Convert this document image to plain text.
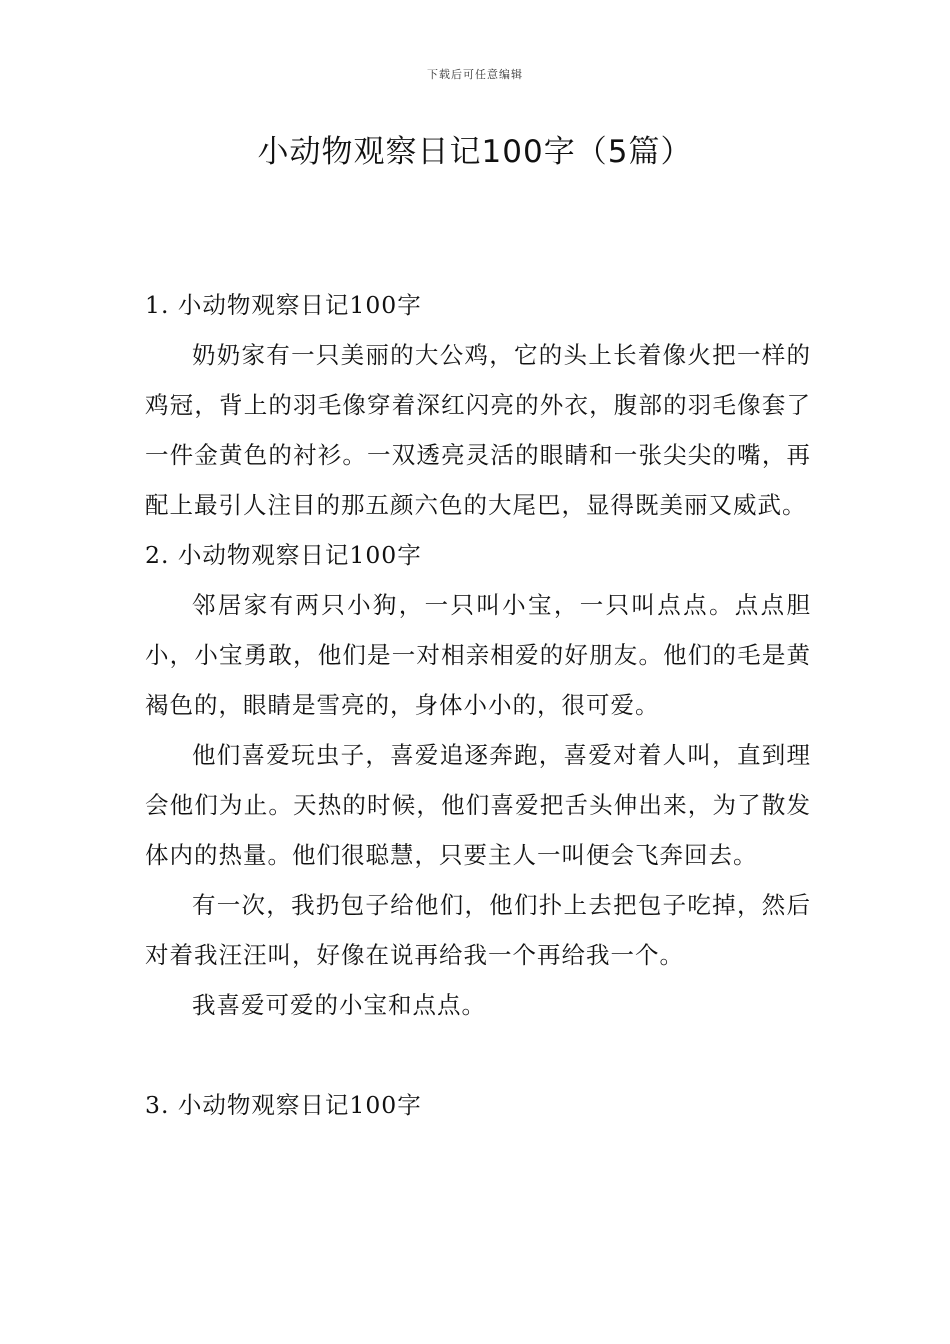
下载后可任意编辑
小动物观察日记100字（5篇）

1. 小动物观察日记100字

奶奶家有一只美丽的大公鸡，它的头上长着像火把一样的鸡冠，背上的羽毛像穿着深红闪亮的外衣，腹部的羽毛像套了一件金黄色的衬衫。一双透亮灵活的眼睛和一张尖尖的嘴，再配上最引人注目的那五颜六色的大尾巴，显得既美丽又威武。

2. 小动物观察日记100字

邻居家有两只小狗，一只叫小宝，一只叫点点。点点胆小，小宝勇敢，他们是一对相亲相爱的好朋友。他们的毛是黄褐色的，眼睛是雪亮的，身体小小的，很可爱。

他们喜爱玩虫子，喜爱追逐奔跑，喜爱对着人叫，直到理会他们为止。天热的时候，他们喜爱把舌头伸出来，为了散发体内的热量。他们很聪慧，只要主人一叫便会飞奔回去。

有一次，我扔包子给他们，他们扑上去把包子吃掉，然后对着我汪汪叫，好像在说再给我一个再给我一个。

我喜爱可爱的小宝和点点。

3. 小动物观察日记100字
